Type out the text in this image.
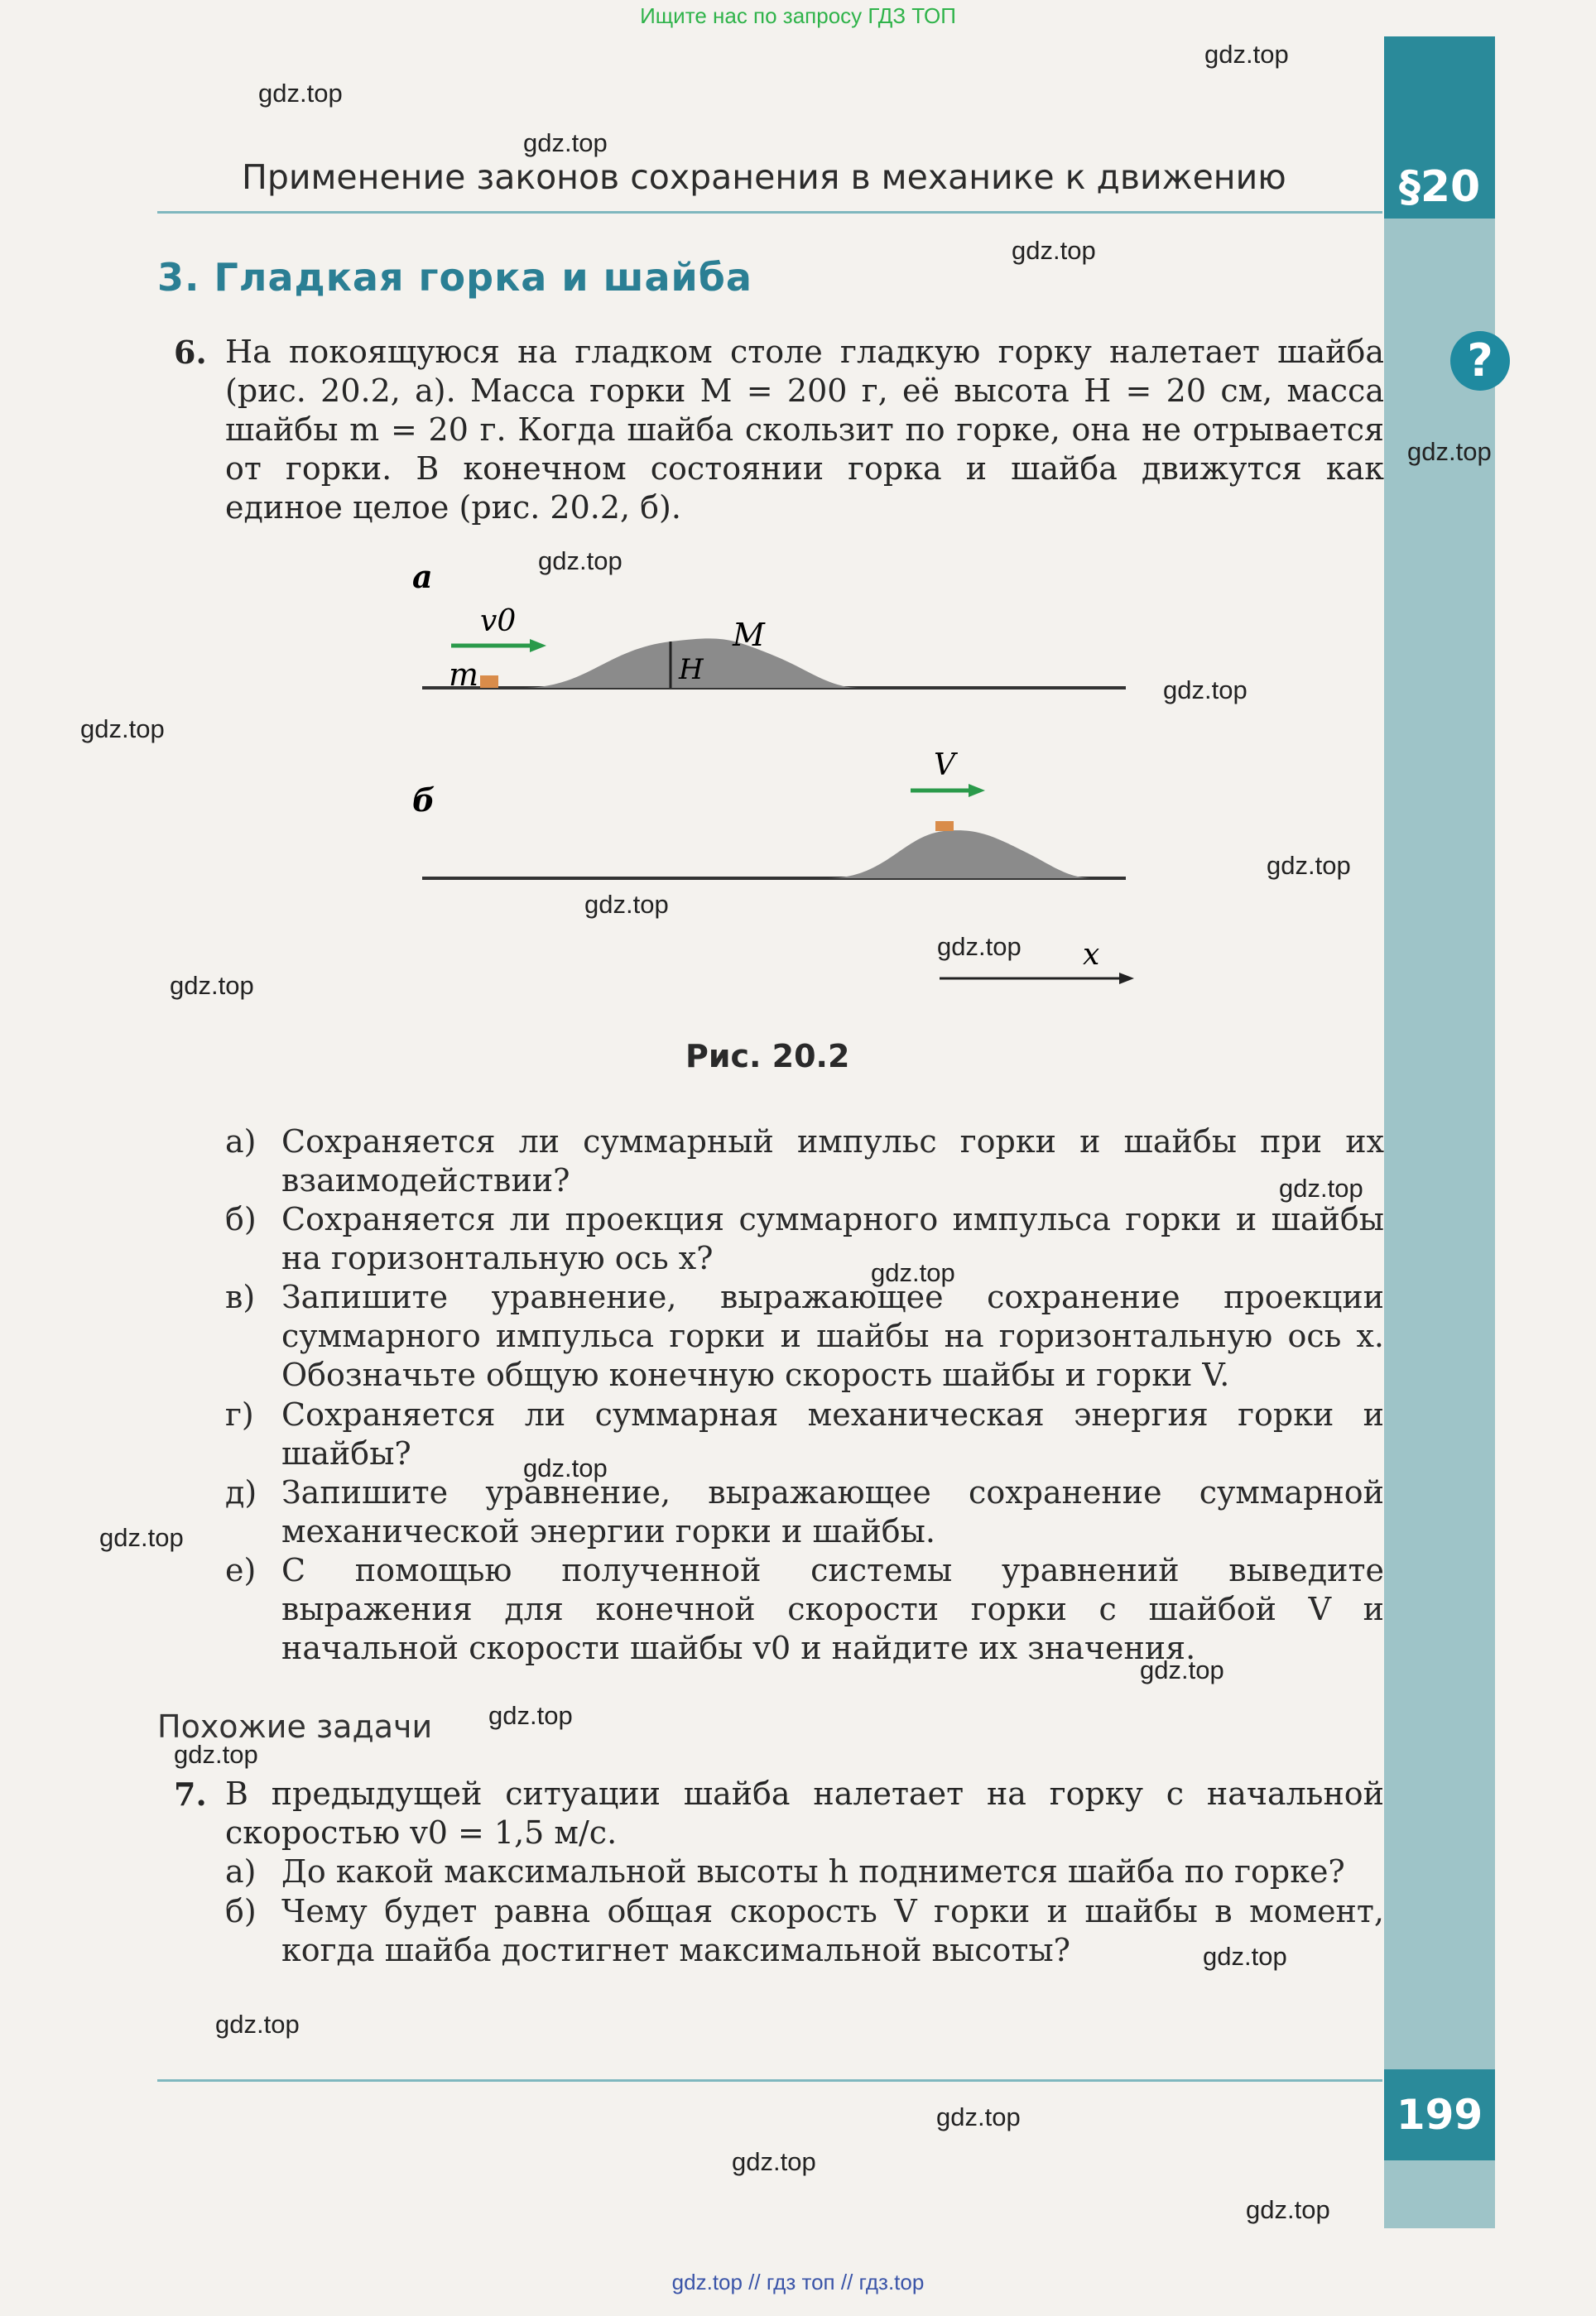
Ищите нас по запросу ГДЗ ТОП
gdz.top // гдз топ // гдз.top
§20
?
199
Применение законов сохранения в механике к движению
3. Гладкая горка и шайба
6. На покоящуюся на гладком столе гладкую горку налетает шайба (рис. 20.2, а). Масса горки M = 200 г, её высота H = 20 см, масса шайбы m = 20 г. Когда шайба скользит по горке, она не отрывается от горки. В конечном состоянии горка и шайба движутся как единое целое (рис. 20.2, б).
а
v0	M
H
m
б
V
x
Рис. 20.2
а) Сохраняется ли суммарный импульс горки и шайбы при их взаимодействии?
б) Сохраняется ли проекция суммарного импульса горки и шайбы на горизонтальную ось x?
в) Запишите уравнение, выражающее сохранение проекции суммарного импульса горки и шайбы на горизонтальную ось x. Обозначьте общую конечную скорость шайбы и горки V.
г) Сохраняется ли суммарная механическая энергия горки и шайбы?
д) Запишите уравнение, выражающее сохранение суммарной механической энергии горки и шайбы.
е) С помощью полученной системы уравнений выведите выражения для конечной скорости горки с шайбой V и начальной скорости шайбы v0 и найдите их значения.
Похожие задачи
7. В предыдущей ситуации шайба налетает на горку с начальной скоростью v0 = 1,5 м/с.
а) До какой максимальной высоты h поднимется шайба по горке?
б) Чему будет равна общая скорость V горки и шайбы в момент, когда шайба достигнет максимальной высоты?
gdz.top
gdz.top
gdz.top
gdz.top
gdz.top
gdz.top
gdz.top
gdz.top
gdz.top
gdz.top
gdz.top
gdz.top
gdz.top
gdz.top
gdz.top
gdz.top
gdz.top
gdz.top
gdz.top
gdz.top
gdz.top
gdz.top
gdz.top
gdz.top
